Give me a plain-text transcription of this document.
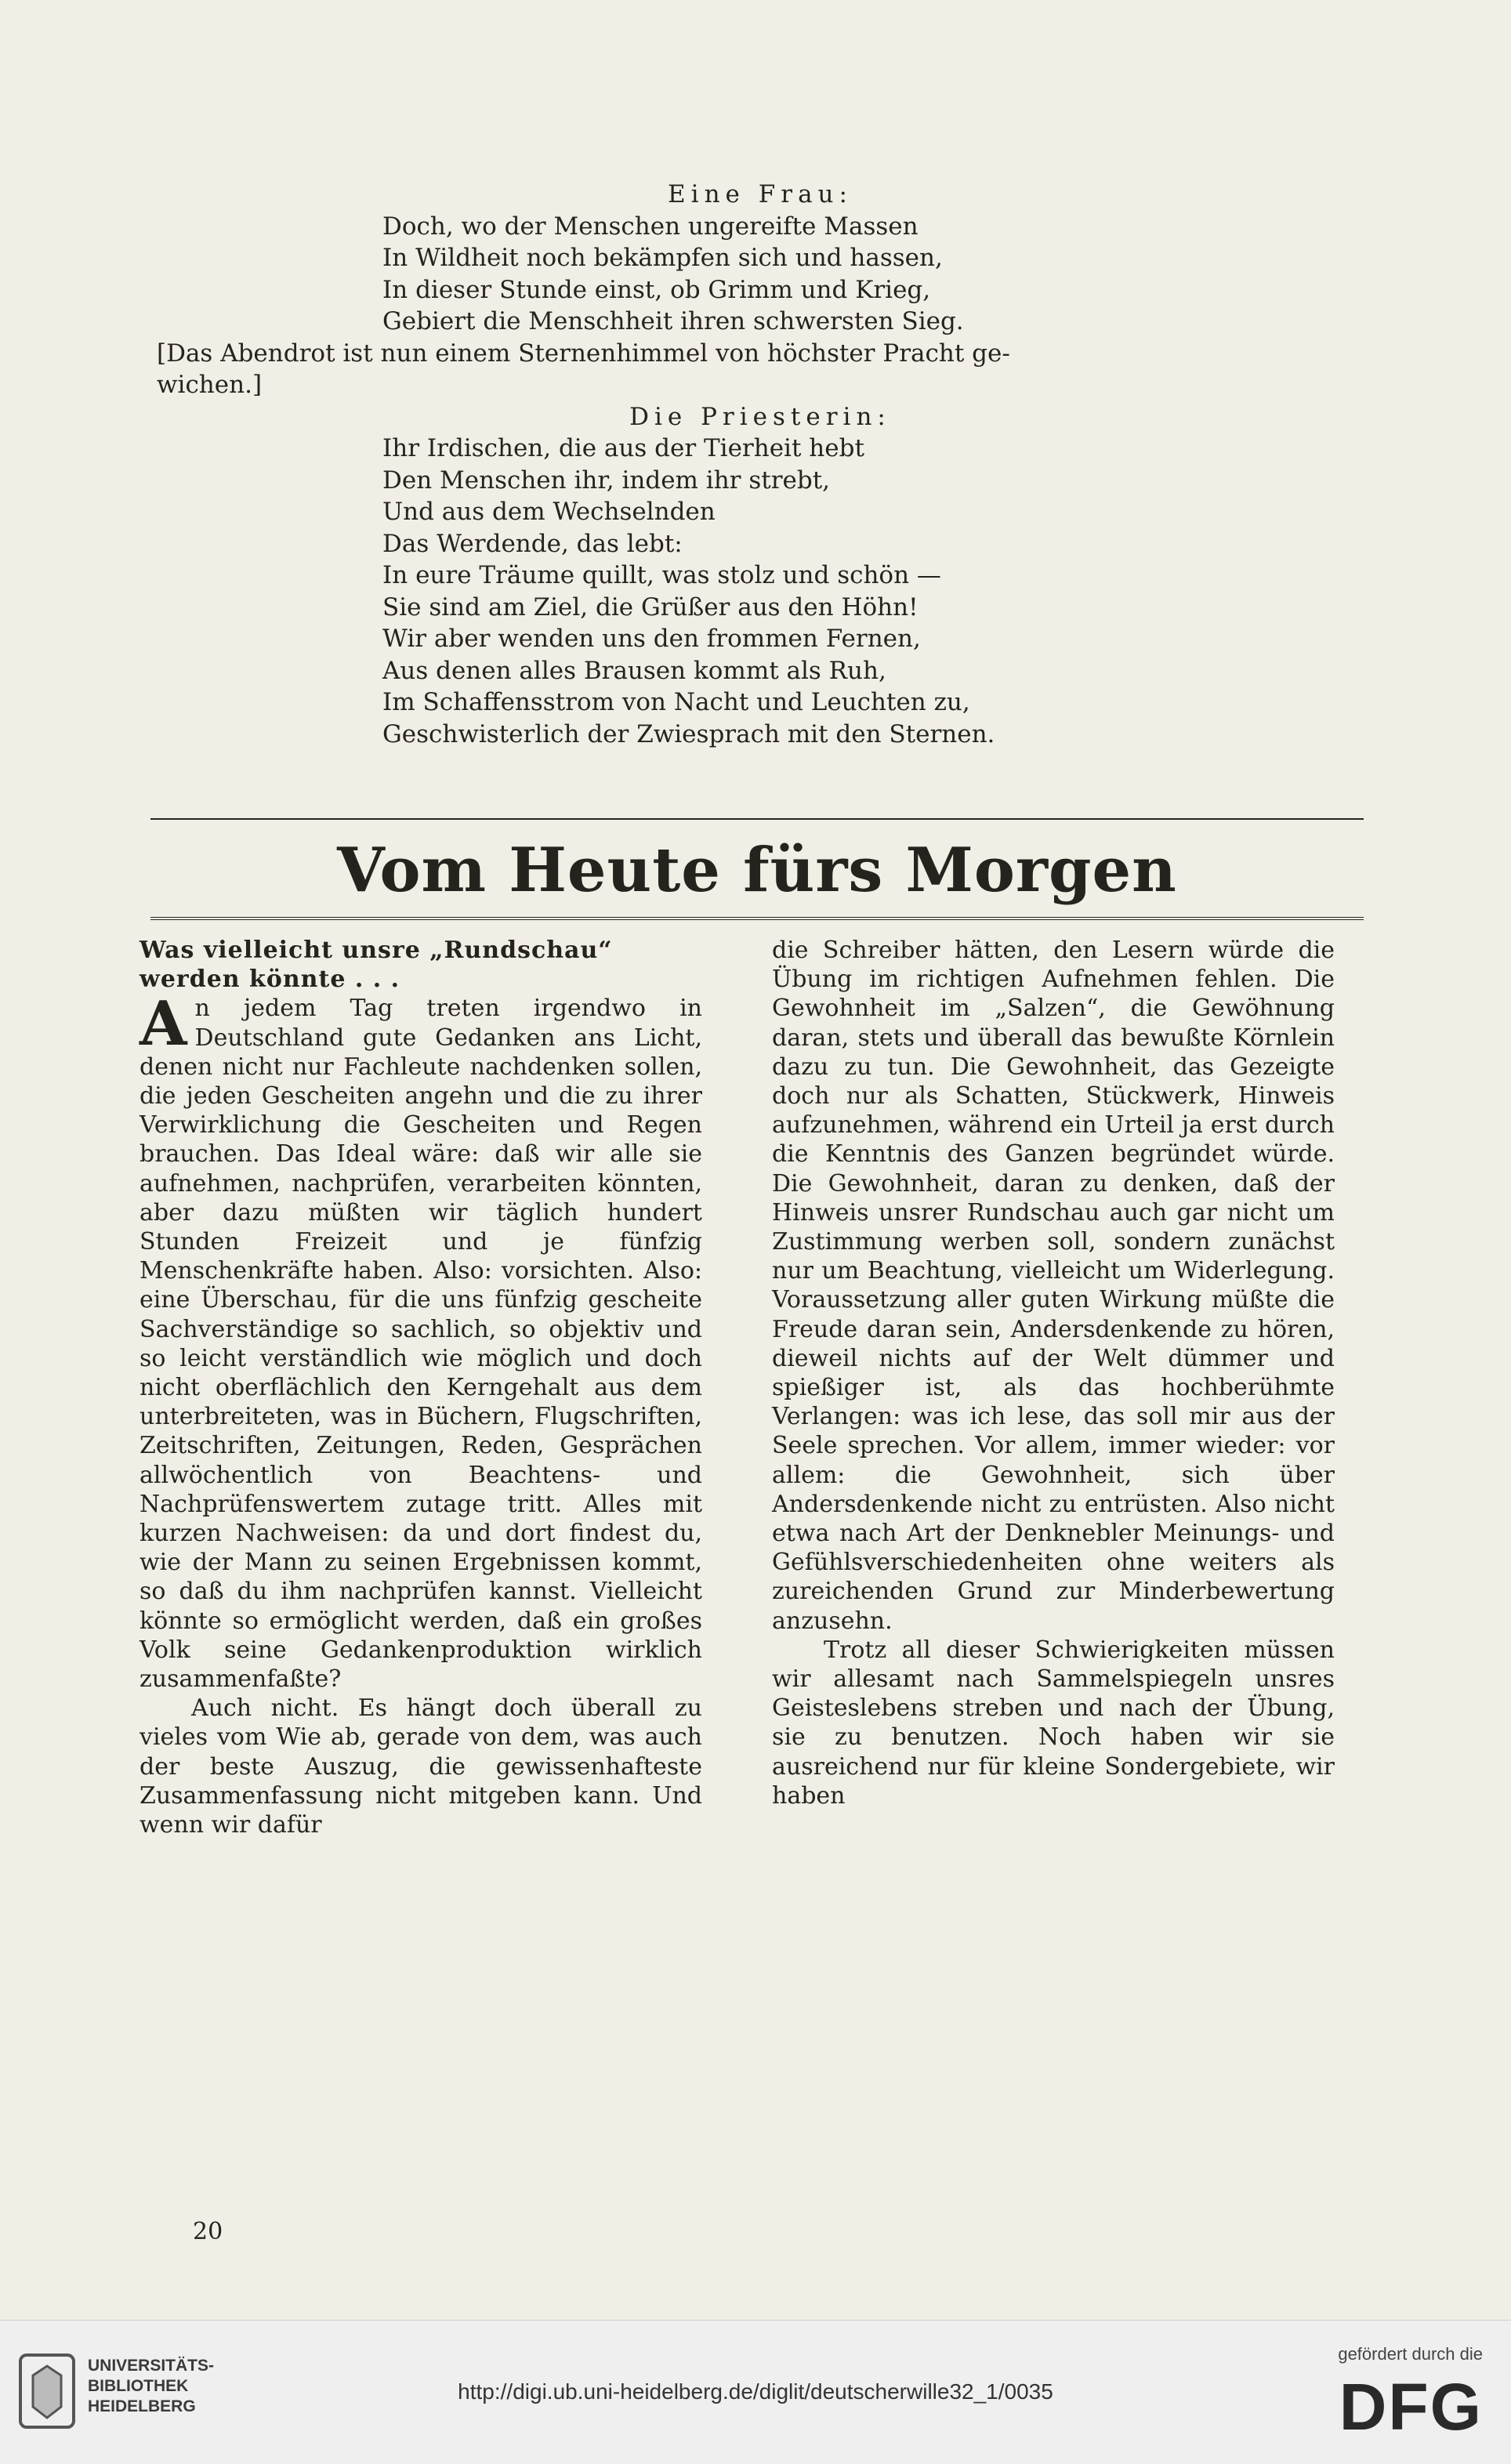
Eine Frau:

Doch, wo der Menschen ungereifte Massen

In Wildheit noch bekämpfen sich und hassen,

In dieser Stunde einst, ob Grimm und Krieg,

Gebiert die Menschheit ihren schwersten Sieg.

[Das Abendrot ist nun einem Sternenhimmel von höchster Pracht ge-
wichen.]

Die Priesterin:

Ihr Irdischen, die aus der Tierheit hebt

Den Menschen ihr, indem ihr strebt,

Und aus dem Wechselnden

Das Werdende, das lebt:

In eure Träume quillt, was stolz und schön —

Sie sind am Ziel, die Grüßer aus den Höhn!

Wir aber wenden uns den frommen Fernen,

Aus denen alles Brausen kommt als Ruh,

Im Schaffensstrom von Nacht und Leuchten zu,

Geschwisterlich der Zwiesprach mit den Sternen.

Vom Heute fürs Morgen

Was vielleicht unsre „Rundschau“
werden könnte . . .

An jedem Tag treten irgendwo in Deutschland gute Gedanken ans Licht, denen nicht nur Fachleute nachdenken sollen, die jeden Gescheiten angehn und die zu ihrer Verwirklichung die Gescheiten und Regen brauchen. Das Ideal wäre: daß wir alle sie aufnehmen, nachprüfen, verarbeiten könnten, aber dazu müßten wir täglich hundert Stunden Freizeit und je fünfzig Menschenkräfte haben. Also: vorsichten. Also: eine Überschau, für die uns fünfzig gescheite Sachverständige so sachlich, so objektiv und so leicht verständlich wie möglich und doch nicht oberflächlich den Kerngehalt aus dem unterbreiteten, was in Büchern, Flugschriften, Zeitschriften, Zeitungen, Reden, Gesprächen allwöchentlich von Beachtens- und Nachprüfenswertem zutage tritt. Alles mit kurzen Nachweisen: da und dort findest du, wie der Mann zu seinen Ergebnissen kommt, so daß du ihm nachprüfen kannst. Vielleicht könnte so ermöglicht werden, daß ein großes Volk seine Gedankenproduktion wirklich zusammenfaßte?

Auch nicht. Es hängt doch überall zu vieles vom Wie ab, gerade von dem, was auch der beste Auszug, die gewissenhafteste Zusammenfassung nicht mitgeben kann. Und wenn wir dafür

die Schreiber hätten, den Lesern würde die Übung im richtigen Aufnehmen fehlen. Die Gewohnheit im „Salzen“, die Gewöhnung daran, stets und überall das bewußte Körnlein dazu zu tun. Die Gewohnheit, das Gezeigte doch nur als Schatten, Stückwerk, Hinweis aufzunehmen, während ein Urteil ja erst durch die Kenntnis des Ganzen begründet würde. Die Gewohnheit, daran zu denken, daß der Hinweis unsrer Rundschau auch gar nicht um Zustimmung werben soll, sondern zunächst nur um Beachtung, vielleicht um Widerlegung. Voraussetzung aller guten Wirkung müßte die Freude daran sein, Andersdenkende zu hören, dieweil nichts auf der Welt dümmer und spießiger ist, als das hochberühmte Verlangen: was ich lese, das soll mir aus der Seele sprechen. Vor allem, immer wieder: vor allem: die Gewohnheit, sich über Andersdenkende nicht zu entrüsten. Also nicht etwa nach Art der Denknebler Meinungs- und Gefühlsverschiedenheiten ohne weiters als zureichenden Grund zur Minderbewertung anzusehn.

Trotz all dieser Schwierigkeiten müssen wir allesamt nach Sammelspiegeln unsres Geisteslebens streben und nach der Übung, sie zu benutzen. Noch haben wir sie ausreichend nur für kleine Sondergebiete, wir haben

20
UNIVERSITÄTS-
BIBLIOTHEK
HEIDELBERG
http://digi.ub.uni-heidelberg.de/diglit/deutscherwille32_1/0035
gefördert durch die
DFG
